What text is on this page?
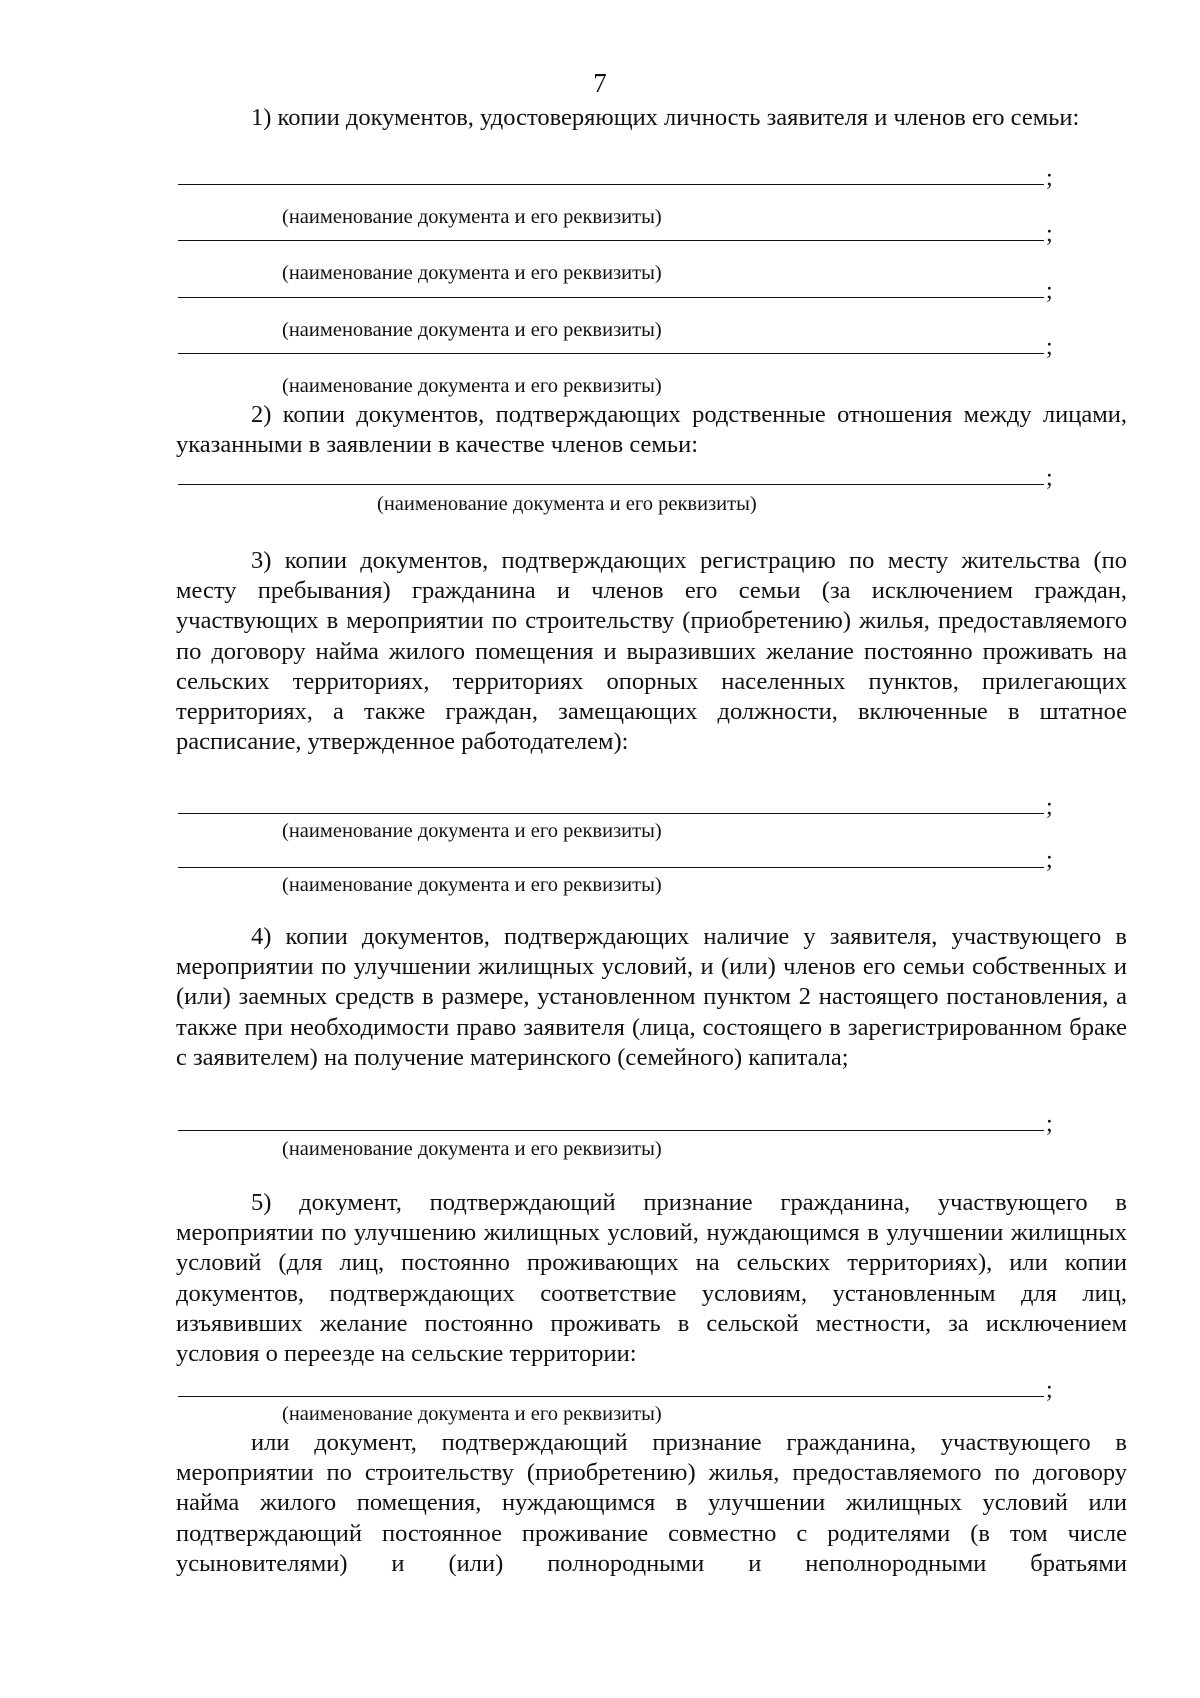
7
1) копии документов, удостоверяющих личность заявителя и членов его семьи:
;
(наименование документа и его реквизиты)
;
(наименование документа и его реквизиты)
;
(наименование документа и его реквизиты)
;
(наименование документа и его реквизиты)
2) копии документов, подтверждающих родственные отношения между лицами, указанными в заявлении в качестве членов семьи:
;
(наименование документа и его реквизиты)
3) копии документов, подтверждающих регистрацию по месту жительства (по месту пребывания) гражданина и членов его семьи (за исключением граждан, участвующих в мероприятии по строительству (приобретению) жилья, предоставляемого по договору найма жилого помещения и выразивших желание постоянно проживать на сельских территориях, территориях опорных населенных пунктов, прилегающих территориях, а также граждан, замещающих должности, включенные в штатное расписание, утвержденное работодателем):
;
(наименование документа и его реквизиты)
;
(наименование документа и его реквизиты)
4) копии документов, подтверждающих наличие у заявителя, участвующего в мероприятии по улучшении жилищных условий, и (или) членов его семьи собственных и (или) заемных средств в размере, установленном пунктом 2 настоящего постановления, а также при необходимости право заявителя (лица, состоящего в зарегистрированном браке с заявителем) на получение материнского (семейного) капитала;
;
(наименование документа и его реквизиты)
5) документ, подтверждающий признание гражданина, участвующего в мероприятии по улучшению жилищных условий, нуждающимся в улучшении жилищных условий (для лиц, постоянно проживающих на сельских территориях), или копии документов, подтверждающих соответствие условиям, установленным для лиц, изъявивших желание постоянно проживать в сельской местности, за исключением условия о переезде на сельские территории:
;
(наименование документа и его реквизиты)
или документ, подтверждающий признание гражданина, участвующего в мероприятии по строительству (приобретению) жилья, предоставляемого по договору найма жилого помещения, нуждающимся в улучшении жилищных условий или подтверждающий постоянное проживание совместно с родителями (в том числе усыновителями) и (или) полнородными и неполнородными братьями
